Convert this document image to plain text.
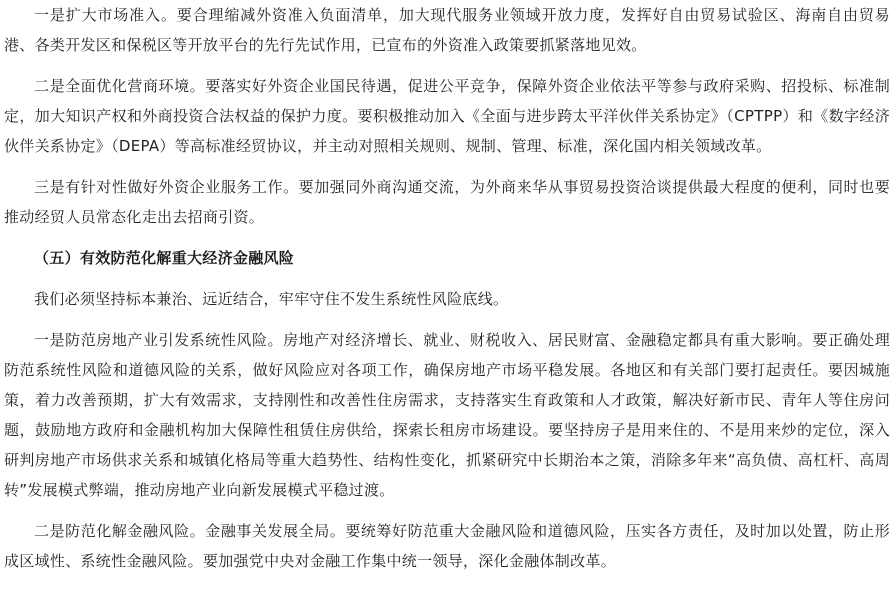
一是扩大市场准入。要合理缩减外资准入负面清单，加大现代服务业领域开放力度，发挥好自由贸易试验区、海南自由贸易港、各类开发区和保税区等开放平台的先行先试作用，已宣布的外资准入政策要抓紧落地见效。

二是全面优化营商环境。要落实好外资企业国民待遇，促进公平竞争，保障外资企业依法平等参与政府采购、招投标、标准制定，加大知识产权和外商投资合法权益的保护力度。要积极推动加入《全面与进步跨太平洋伙伴关系协定》（CPTPP）和《数字经济伙伴关系协定》（DEPA）等高标准经贸协议，并主动对照相关规则、规制、管理、标准，深化国内相关领域改革。

三是有针对性做好外资企业服务工作。要加强同外商沟通交流，为外商来华从事贸易投资洽谈提供最大程度的便利，同时也要推动经贸人员常态化走出去招商引资。

（五）有效防范化解重大经济金融风险

我们必须坚持标本兼治、远近结合，牢牢守住不发生系统性风险底线。

一是防范房地产业引发系统性风险。房地产对经济增长、就业、财税收入、居民财富、金融稳定都具有重大影响。要正确处理防范系统性风险和道德风险的关系，做好风险应对各项工作，确保房地产市场平稳发展。各地区和有关部门要打起责任。要因城施策，着力改善预期，扩大有效需求，支持刚性和改善性住房需求，支持落实生育政策和人才政策，解决好新市民、青年人等住房问题，鼓励地方政府和金融机构加大保障性租赁住房供给，探索长租房市场建设。要坚持房子是用来住的、不是用来炒的定位，深入研判房地产市场供求关系和城镇化格局等重大趋势性、结构性变化，抓紧研究中长期治本之策，消除多年来“高负债、高杠杆、高周转”发展模式弊端，推动房地产业向新发展模式平稳过渡。

二是防范化解金融风险。金融事关发展全局。要统筹好防范重大金融风险和道德风险，压实各方责任，及时加以处置，防止形成区域性、系统性金融风险。要加强党中央对金融工作集中统一领导，深化金融体制改革。
